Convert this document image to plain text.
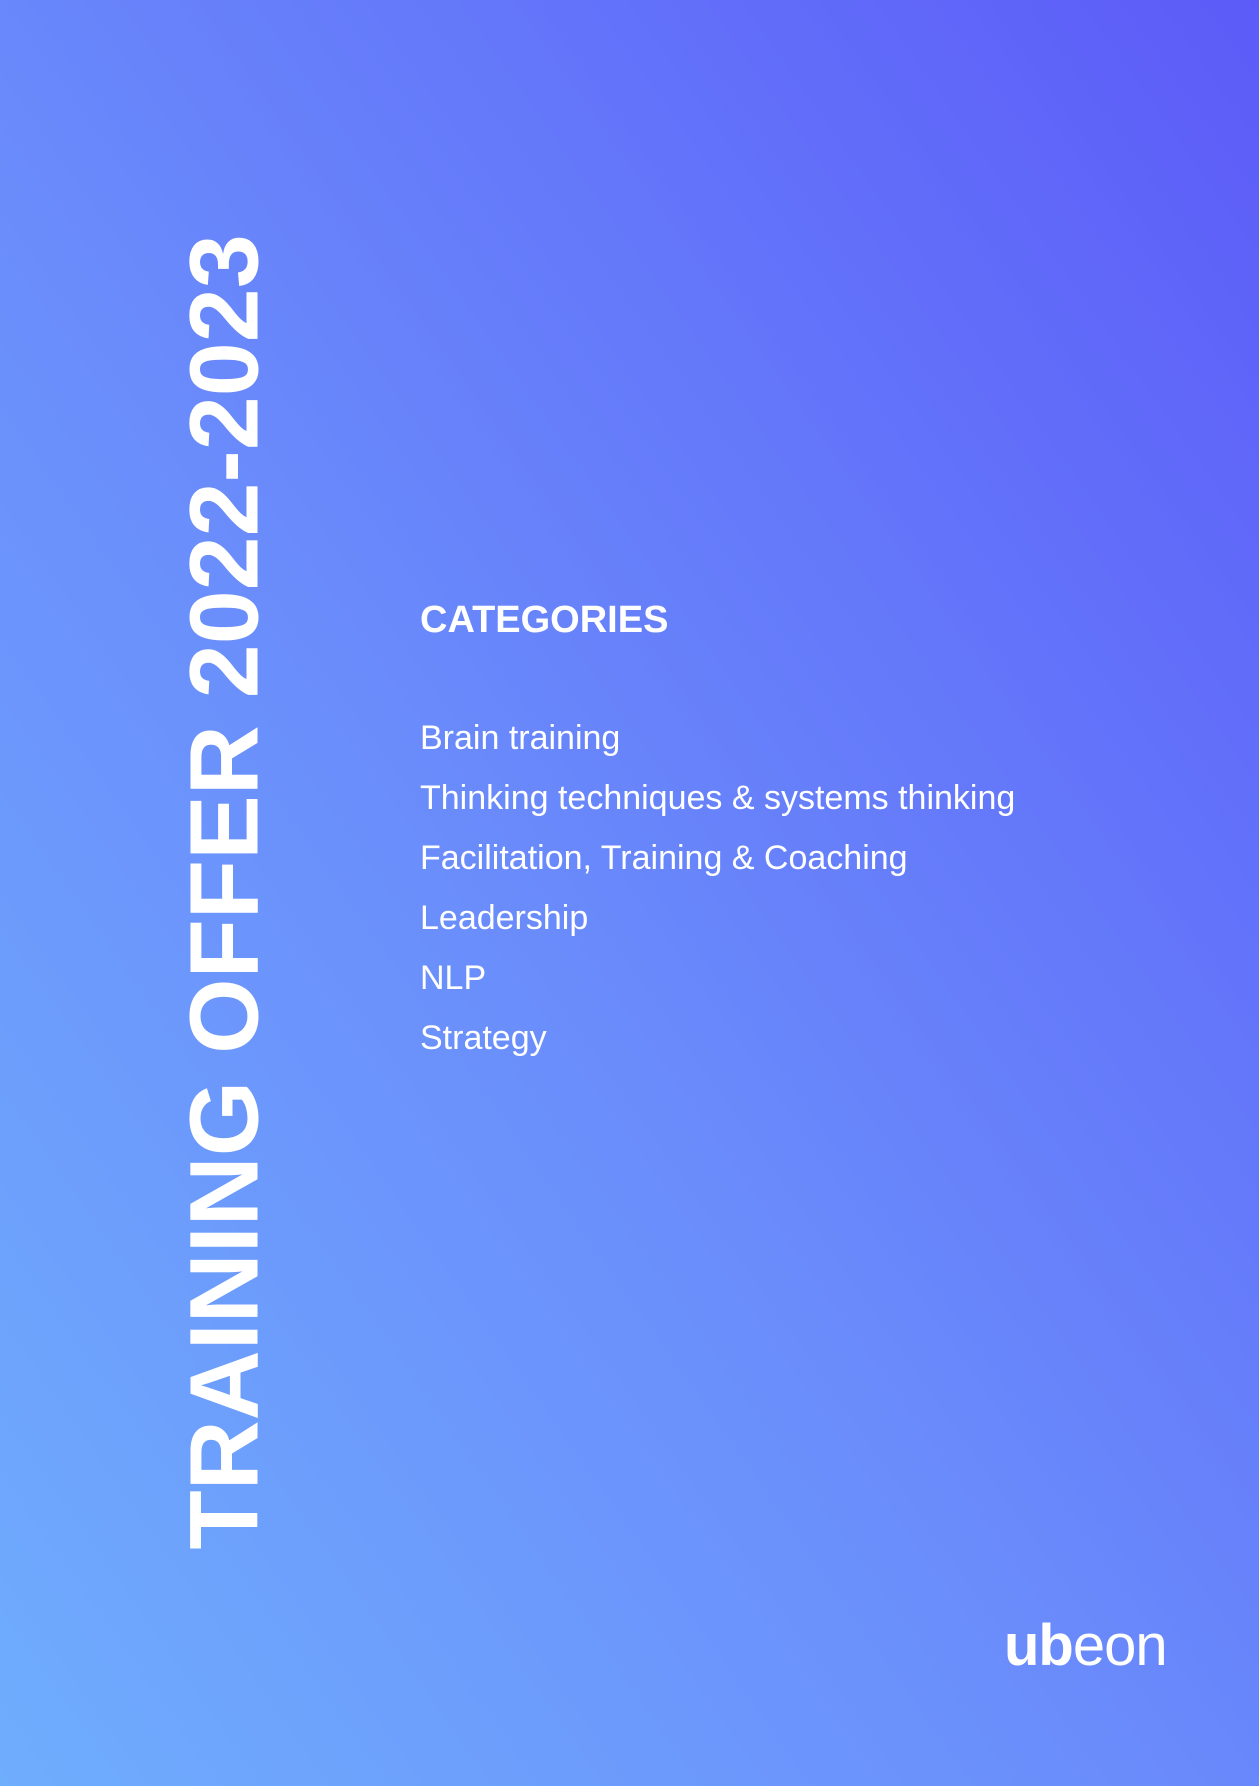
TRAINING OFFER 2022-2023	CATEGORIES
Brain training
Thinking techniques & systems thinking
Facilitation, Training & Coaching
Leadership
NLP
Strategy
ubeon
